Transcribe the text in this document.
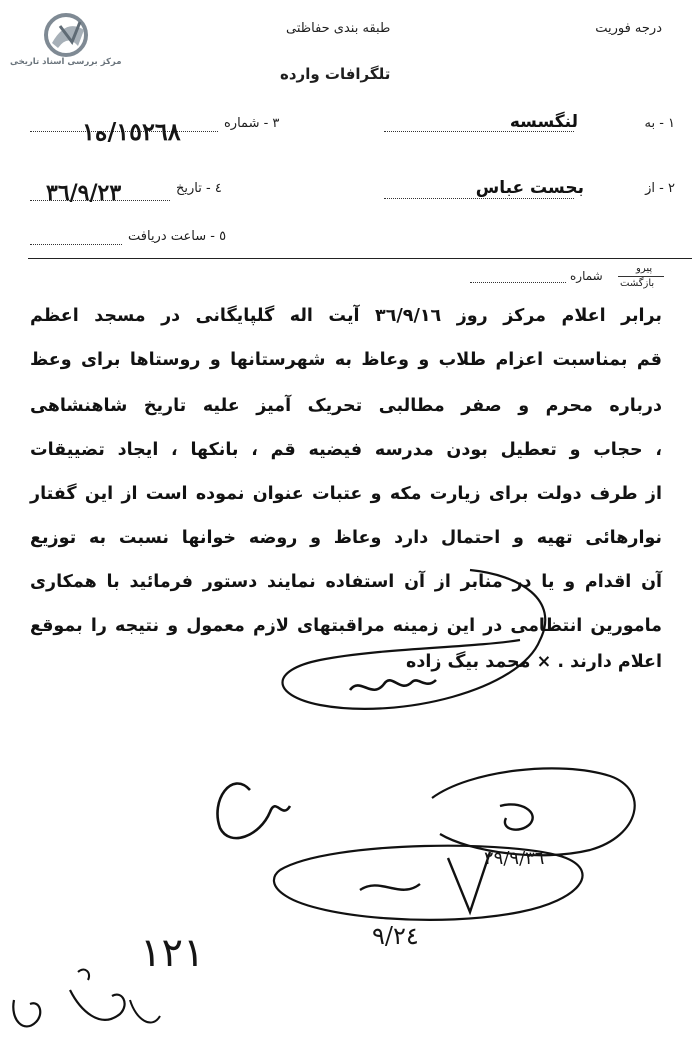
مرکز بررسی اسناد تاریخی
درجه فوریت
طبقه بندی حفاظتی
تلگرافات وارده
١ - به
لنگسسه
٢ - از
بحست عباس
٣ - شماره
١٥٢٦٨/ه١
٤ - تاریخ
٣٦/٩/٢٣
٥ - ساعت دریافت
پیرو
بازگشت
شماره
برابر اعلام مرکز روز ٣٦/٩/١٦ آیت اله گلپایگانی در مسجد اعظم
قم بمناسبت اعزام طلاب و وعاظ به شهرستانها و روستاها برای وعظ
درباره محرم و صفر مطالبی تحریک آمیز علیه تاریخ شاهنشاهی
، حجاب و تعطیل بودن مدرسه فیضیه قم ، بانکها ، ایجاد تضییقات
از طرف دولت برای زیارت مکه و عتبات عنوان نموده است از این گفتار
نوارهائی تهیه و احتمال دارد وعاظ و روضه خوانها نسبت به توزیع
آن اقدام و یا در منابر از آن استفاده نمایند دستور فرمائید با همکاری
مامورین انتظامی در این زمینه مراقبتهای لازم معمول و نتیجه را بموقع
اعلام دارند . × محمد بیگ زاده
٢٩/٩/٣٦
٩/٢٤
١٢١
